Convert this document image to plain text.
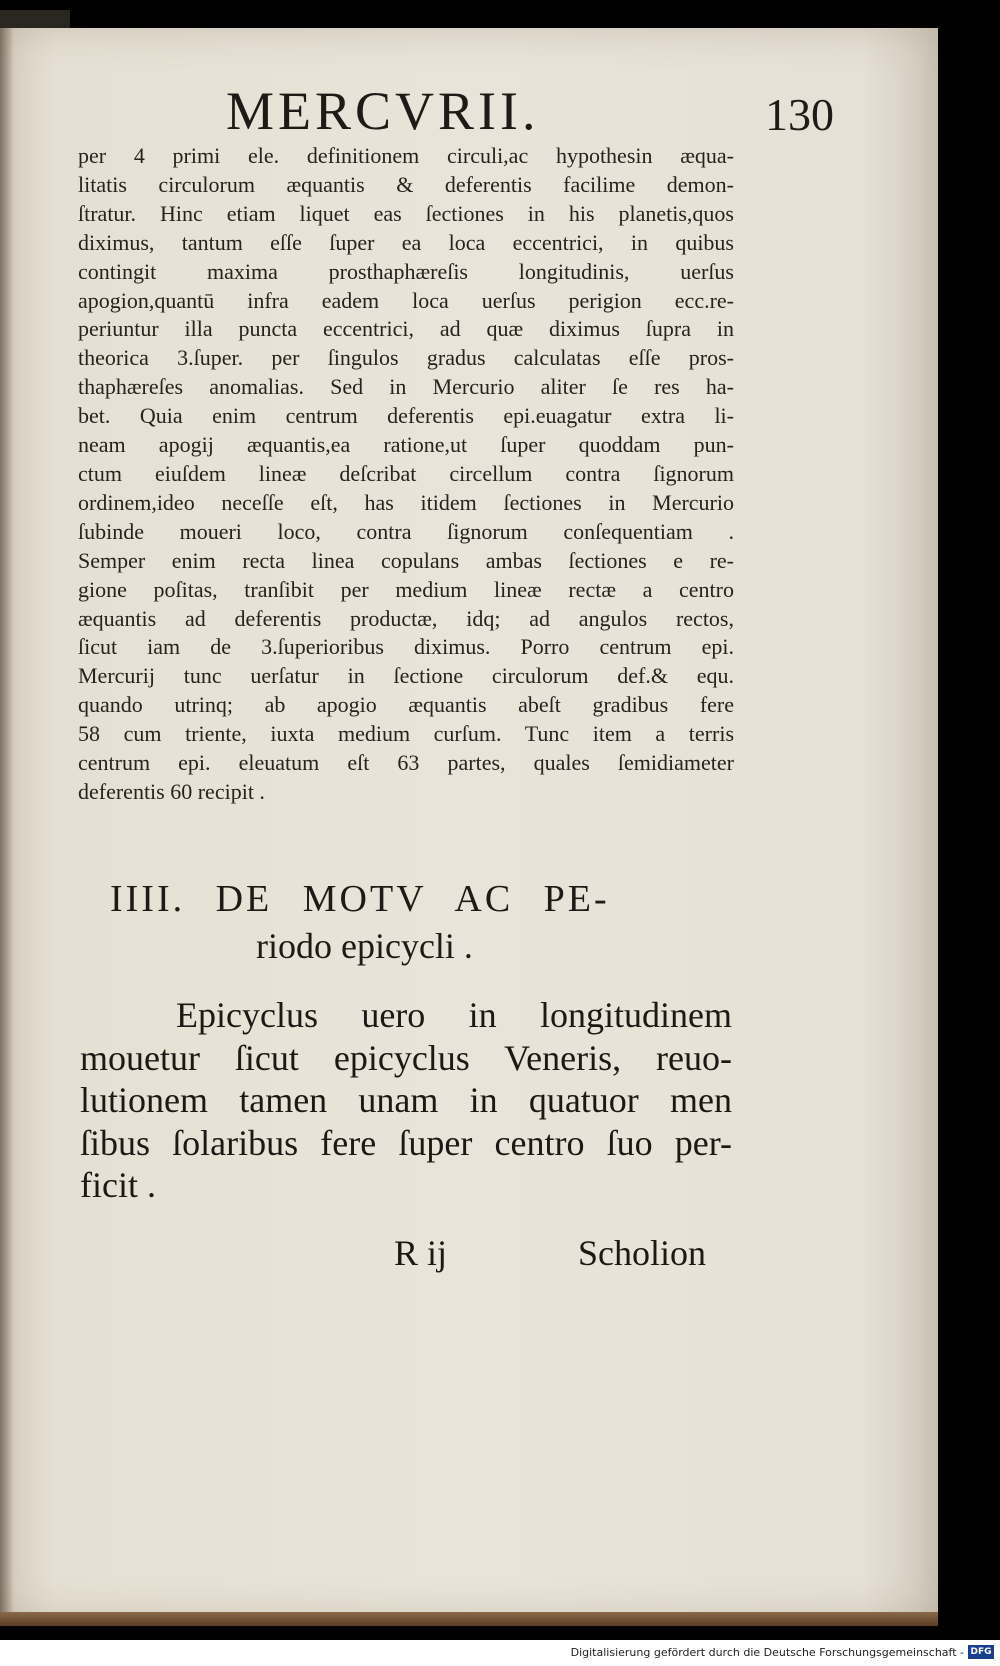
MERCVRII.	130
per 4 primi ele. definitionem circuli,ac hypothesin æqua-
litatis circulorum æquantis & deferentis facilime demon-
ſtratur. Hinc etiam liquet eas ſectiones in his planetis,quos
diximus, tantum eſſe ſuper ea loca eccentrici, in quibus
contingit maxima prosthaphæreſis longitudinis, uerſus
apogion,quantū infra eadem loca uerſus perigion ecc.re-
periuntur illa puncta eccentrici, ad quæ diximus ſupra in
theorica 3.ſuper. per ſingulos gradus calculatas eſſe pros-
thaphæreſes anomalias. Sed in Mercurio aliter ſe res ha-
bet. Quia enim centrum deferentis epi.euagatur extra li-
neam apogij æquantis,ea ratione,ut ſuper quoddam pun-
ctum eiuſdem lineæ deſcribat circellum contra ſignorum
ordinem,ideo neceſſe eſt, has itidem ſectiones in Mercurio
ſubinde moueri loco, contra ſignorum conſequentiam .
Semper enim recta linea copulans ambas ſectiones e re-
gione poſitas, tranſibit per medium lineæ rectæ a centro
æquantis ad deferentis productæ, idq; ad angulos rectos,
ſicut iam de 3.ſuperioribus diximus. Porro centrum epi.
Mercurij tunc uerſatur in ſectione circulorum def.& equ.
quando utrinq; ab apogio æquantis abeſt gradibus fere
58 cum triente, iuxta medium curſum. Tunc item a terris
centrum epi. eleuatum eſt 63 partes, quales ſemidiameter
deferentis 60 recipit .
IIII. DE MOTV AC PE-
riodo epicycli .
Epicyclus uero in longitudinem
mouetur ſicut epicyclus Veneris, reuo-
lutionem tamen unam in quatuor men
ſibus ſolaribus fere ſuper centro ſuo per-
ficit .
R ij	Scholion
Digitalisierung gefördert durch die Deutsche Forschungsgemeinschaft - DFG
